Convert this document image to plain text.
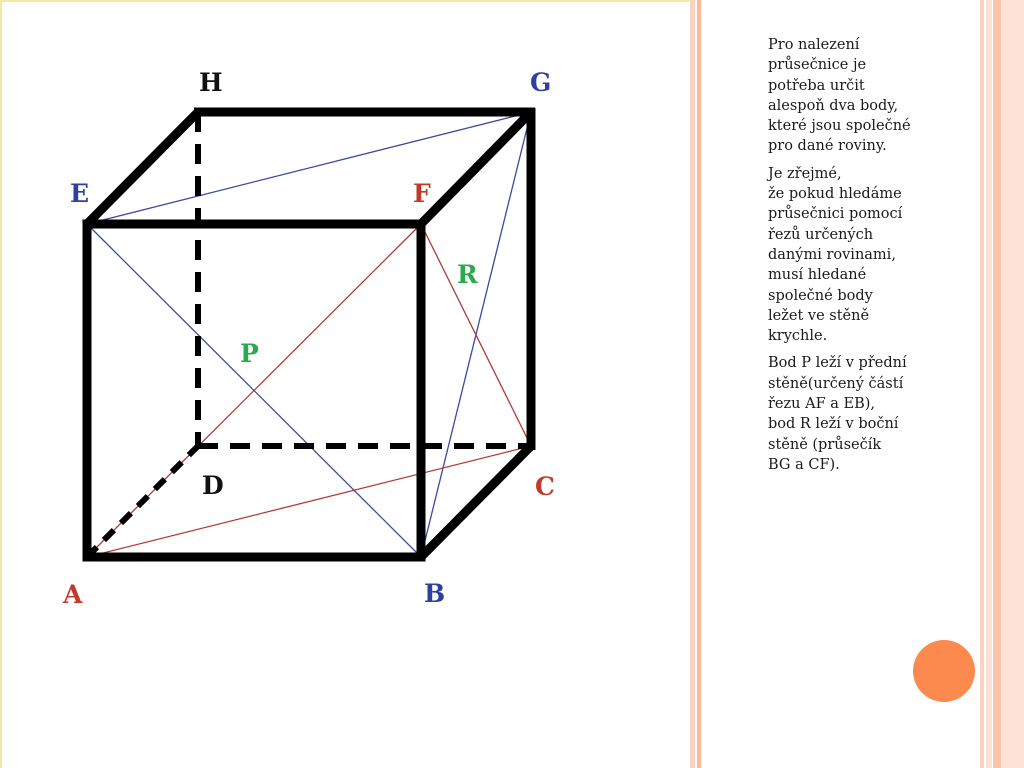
H	G
E	F
D	C
A	B
P
R

Pro nalezení
průsečnice je
potřeba určit
alespoň dva body,
které jsou společné
pro dané roviny.

Je zřejmé,
že pokud hledáme
průsečnici pomocí
řezů určených
danými rovinami,
musí hledané
společné body
ležet ve stěně
krychle.

Bod P leží v přední
stěně(určený částí
řezu AF a EB),
bod R leží v boční
stěně (průsečík
BG a CF).
